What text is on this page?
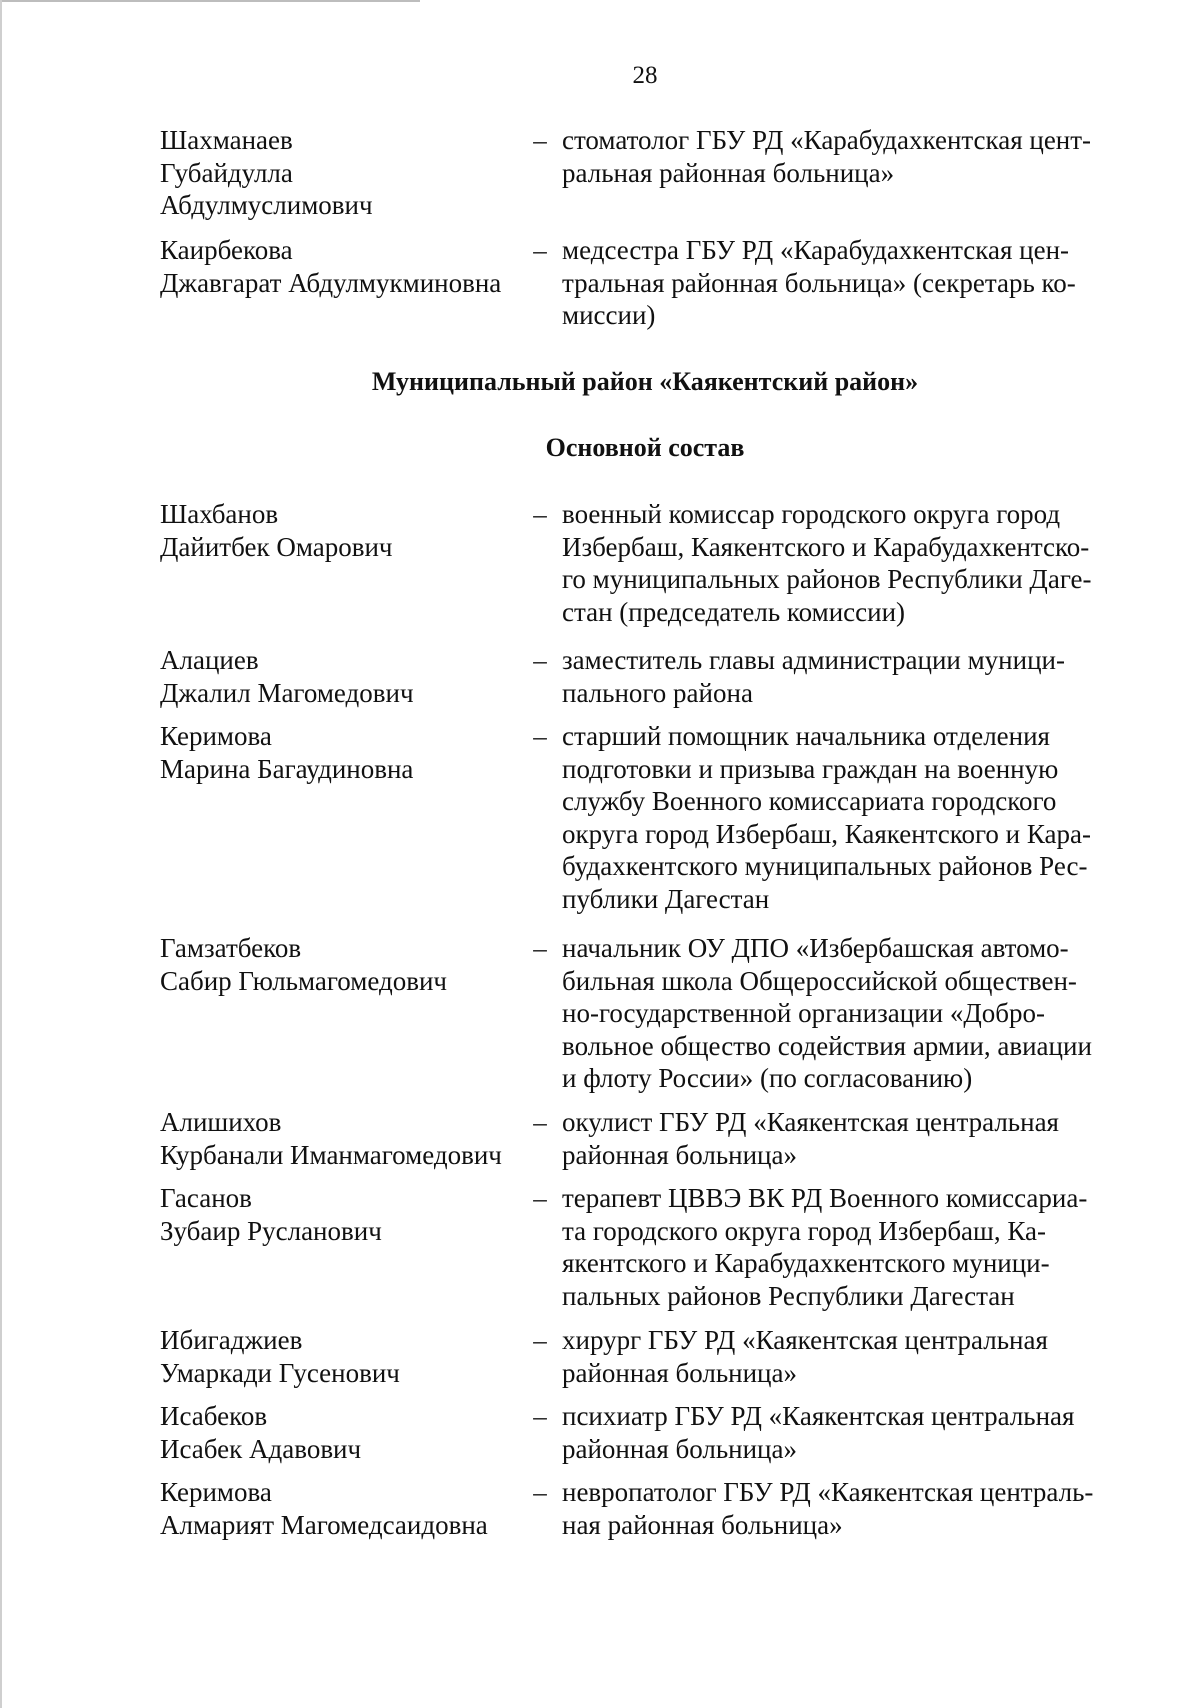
28
Шахманаев
Губайдулла
Абдулмуслимович
– стоматолог ГБУ РД «Карабудахкентская цент-
ральная районная больница»
Каирбекова
Джавгарат Абдулмукминовна
– медсестра ГБУ РД «Карабудахкентская цен-
тральная районная больница» (секретарь ко-
миссии)
Муниципальный район «Каякентский район»
Основной состав
Шахбанов
Дайитбек Омарович
– военный комиссар городского округа город
Избербаш, Каякентского и Карабудахкентско-
го муниципальных районов Республики Даге-
стан (председатель комиссии)
Алациев
Джалил Магомедович
– заместитель главы администрации муници-
пального района
Керимова
Марина Багаудиновна
– старший помощник начальника отделения
подготовки и призыва граждан на военную
службу Военного комиссариата городского
округа город Избербаш, Каякентского и Кара-
будахкентского муниципальных районов Рес-
публики Дагестан
Гамзатбеков
Сабир Гюльмагомедович
– начальник ОУ ДПО «Избербашская автомо-
бильная школа Общероссийской обществен-
но-государственной организации «Добро-
вольное общество содействия армии, авиации
и флоту России» (по согласованию)
Алишихов
Курбанали Иманмагомедович
– окулист ГБУ РД «Каякентская центральная
районная больница»
Гасанов
Зубаир Русланович
– терапевт ЦВВЭ ВК РД Военного комиссариа-
та городского округа город Избербаш, Ка-
якентского и Карабудахкентского муници-
пальных районов Республики Дагестан
Ибигаджиев
Умаркади Гусенович
– хирург ГБУ РД «Каякентская центральная
районная больница»
Исабеков
Исабек Адавович
– психиатр ГБУ РД «Каякентская центральная
районная больница»
Керимова
Алмарият Магомедсаидовна
– невропатолог ГБУ РД «Каякентская централь-
ная районная больница»
